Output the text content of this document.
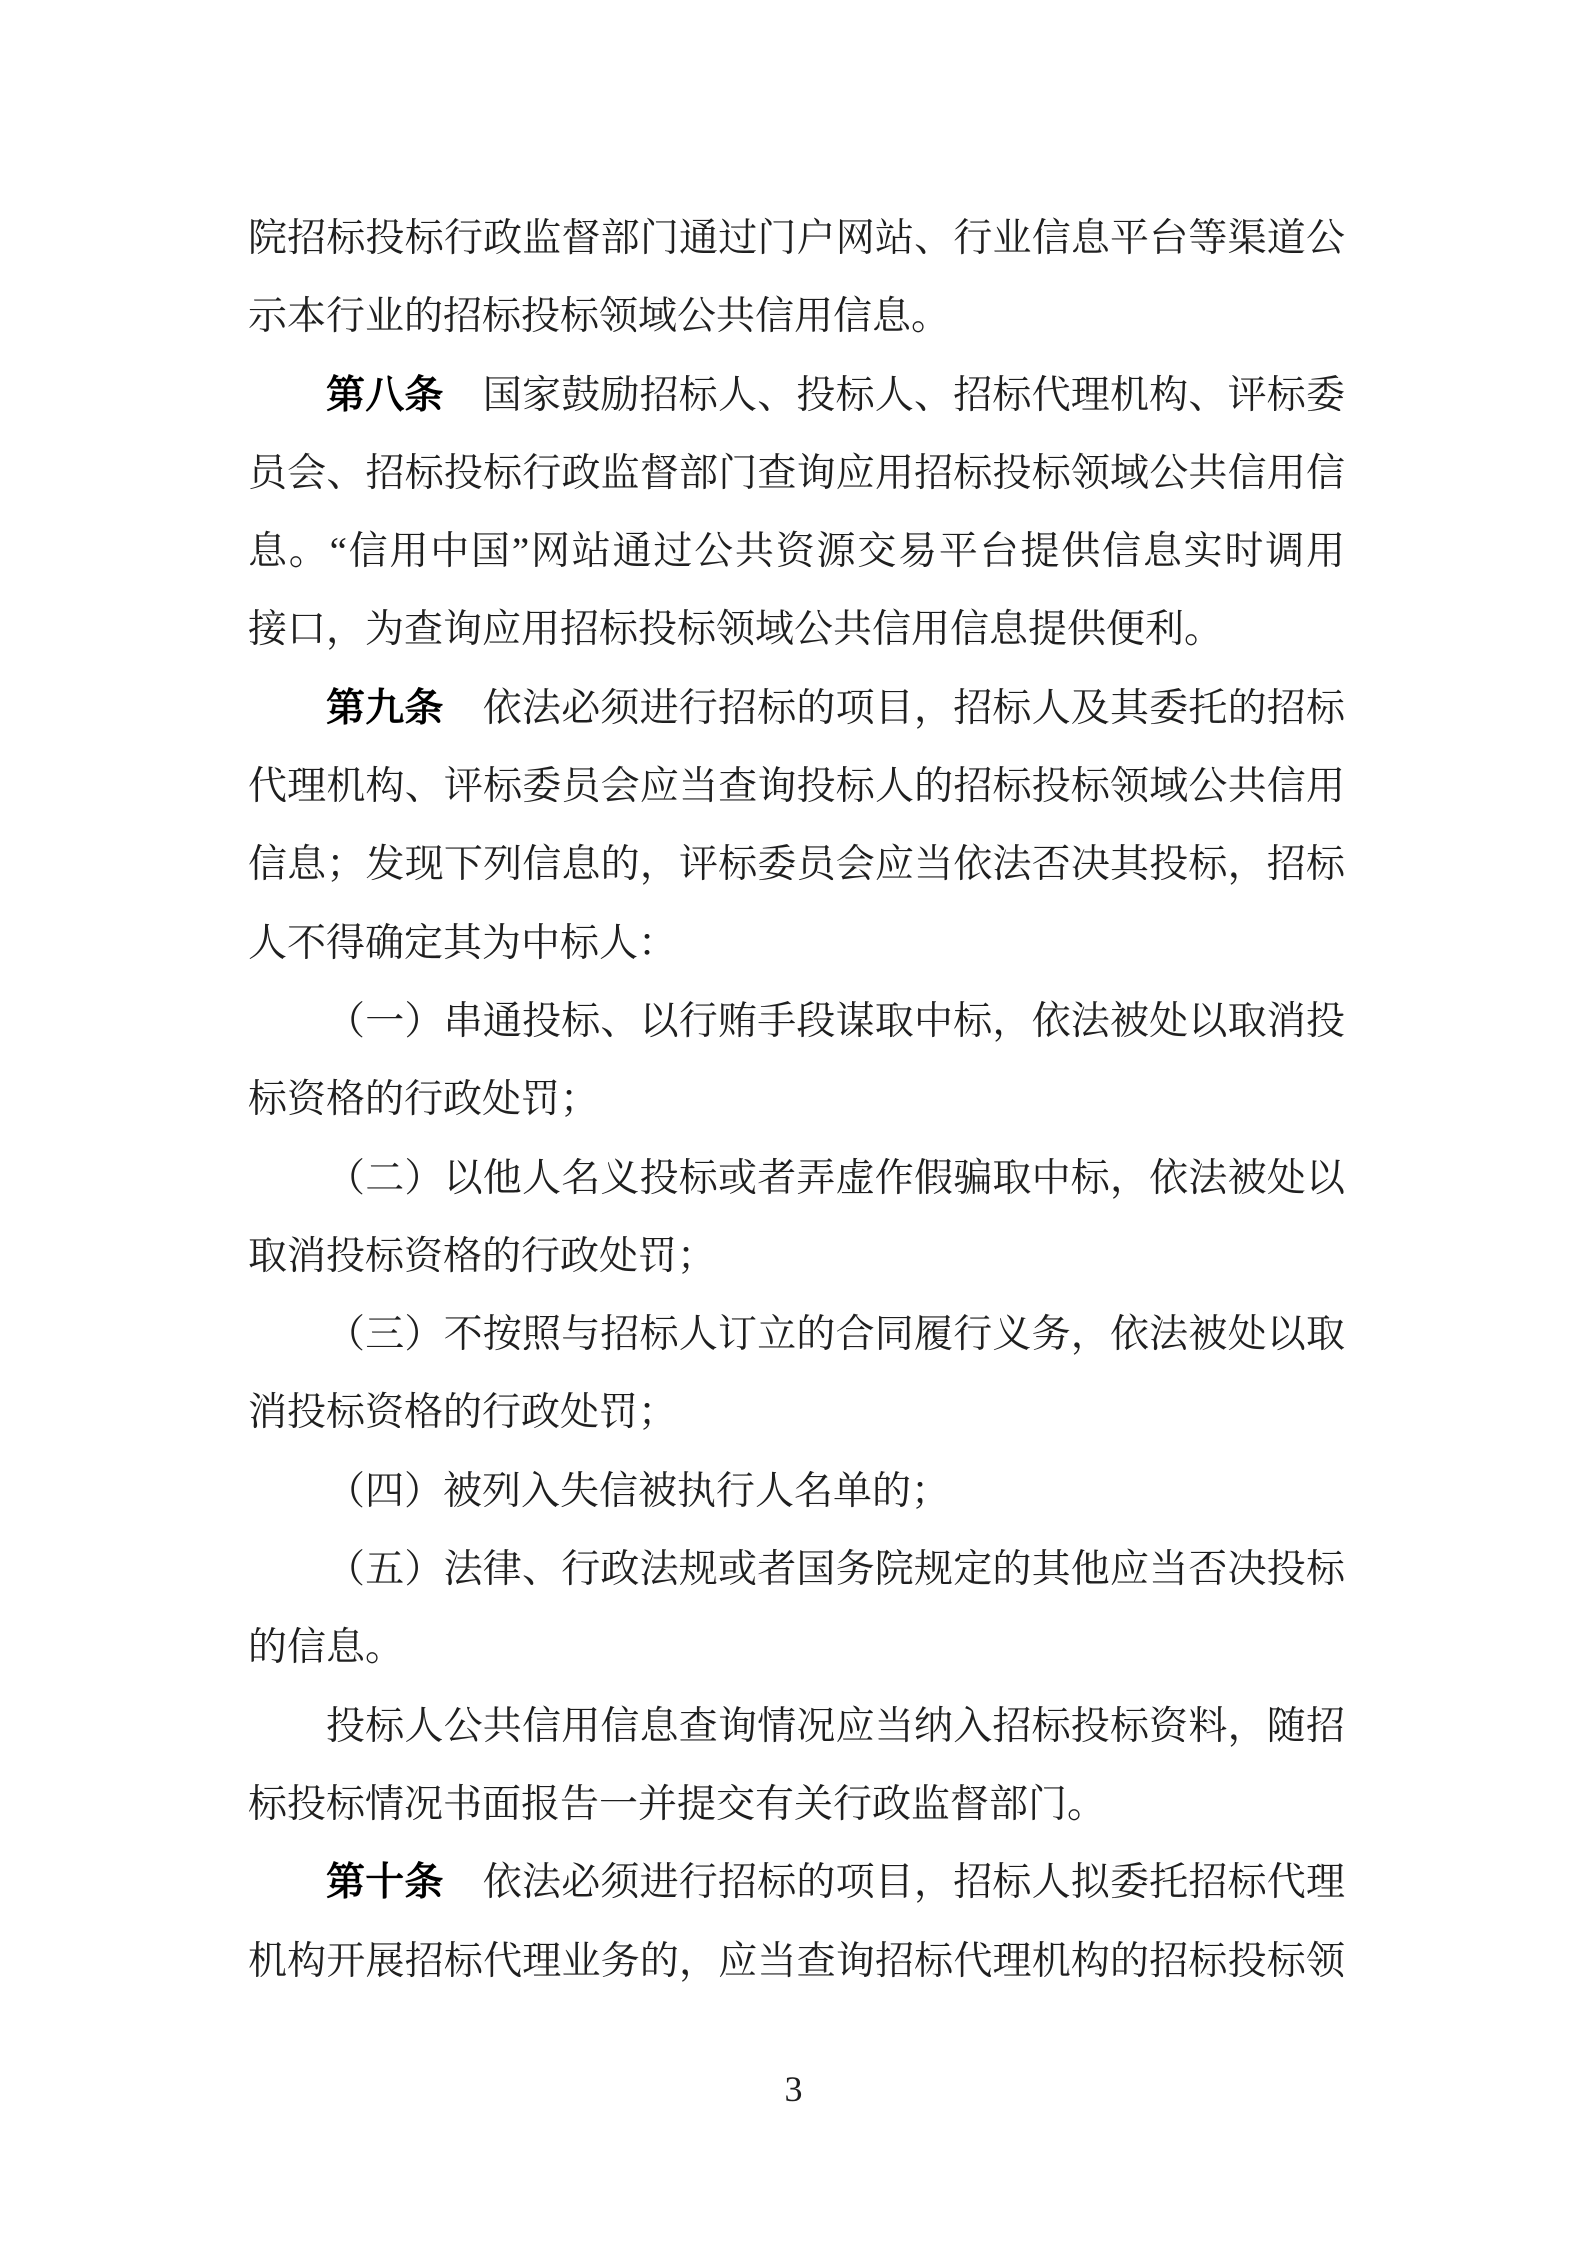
院招标投标行政监督部门通过门户网站、行业信息平台等渠道公
示本行业的招标投标领域公共信用信息。
第八条　国家鼓励招标人、投标人、招标代理机构、评标委
员会、招标投标行政监督部门查询应用招标投标领域公共信用信
息。“信用中国”网站通过公共资源交易平台提供信息实时调用
接口，为查询应用招标投标领域公共信用信息提供便利。
第九条　依法必须进行招标的项目，招标人及其委托的招标
代理机构、评标委员会应当查询投标人的招标投标领域公共信用
信息；发现下列信息的，评标委员会应当依法否决其投标，招标
人不得确定其为中标人：
（一）串通投标、以行贿手段谋取中标，依法被处以取消投
标资格的行政处罚；
（二）以他人名义投标或者弄虚作假骗取中标，依法被处以
取消投标资格的行政处罚；
（三）不按照与招标人订立的合同履行义务，依法被处以取
消投标资格的行政处罚；
（四）被列入失信被执行人名单的；
（五）法律、行政法规或者国务院规定的其他应当否决投标
的信息。
投标人公共信用信息查询情况应当纳入招标投标资料，随招
标投标情况书面报告一并提交有关行政监督部门。
第十条　依法必须进行招标的项目，招标人拟委托招标代理
机构开展招标代理业务的，应当查询招标代理机构的招标投标领
3
